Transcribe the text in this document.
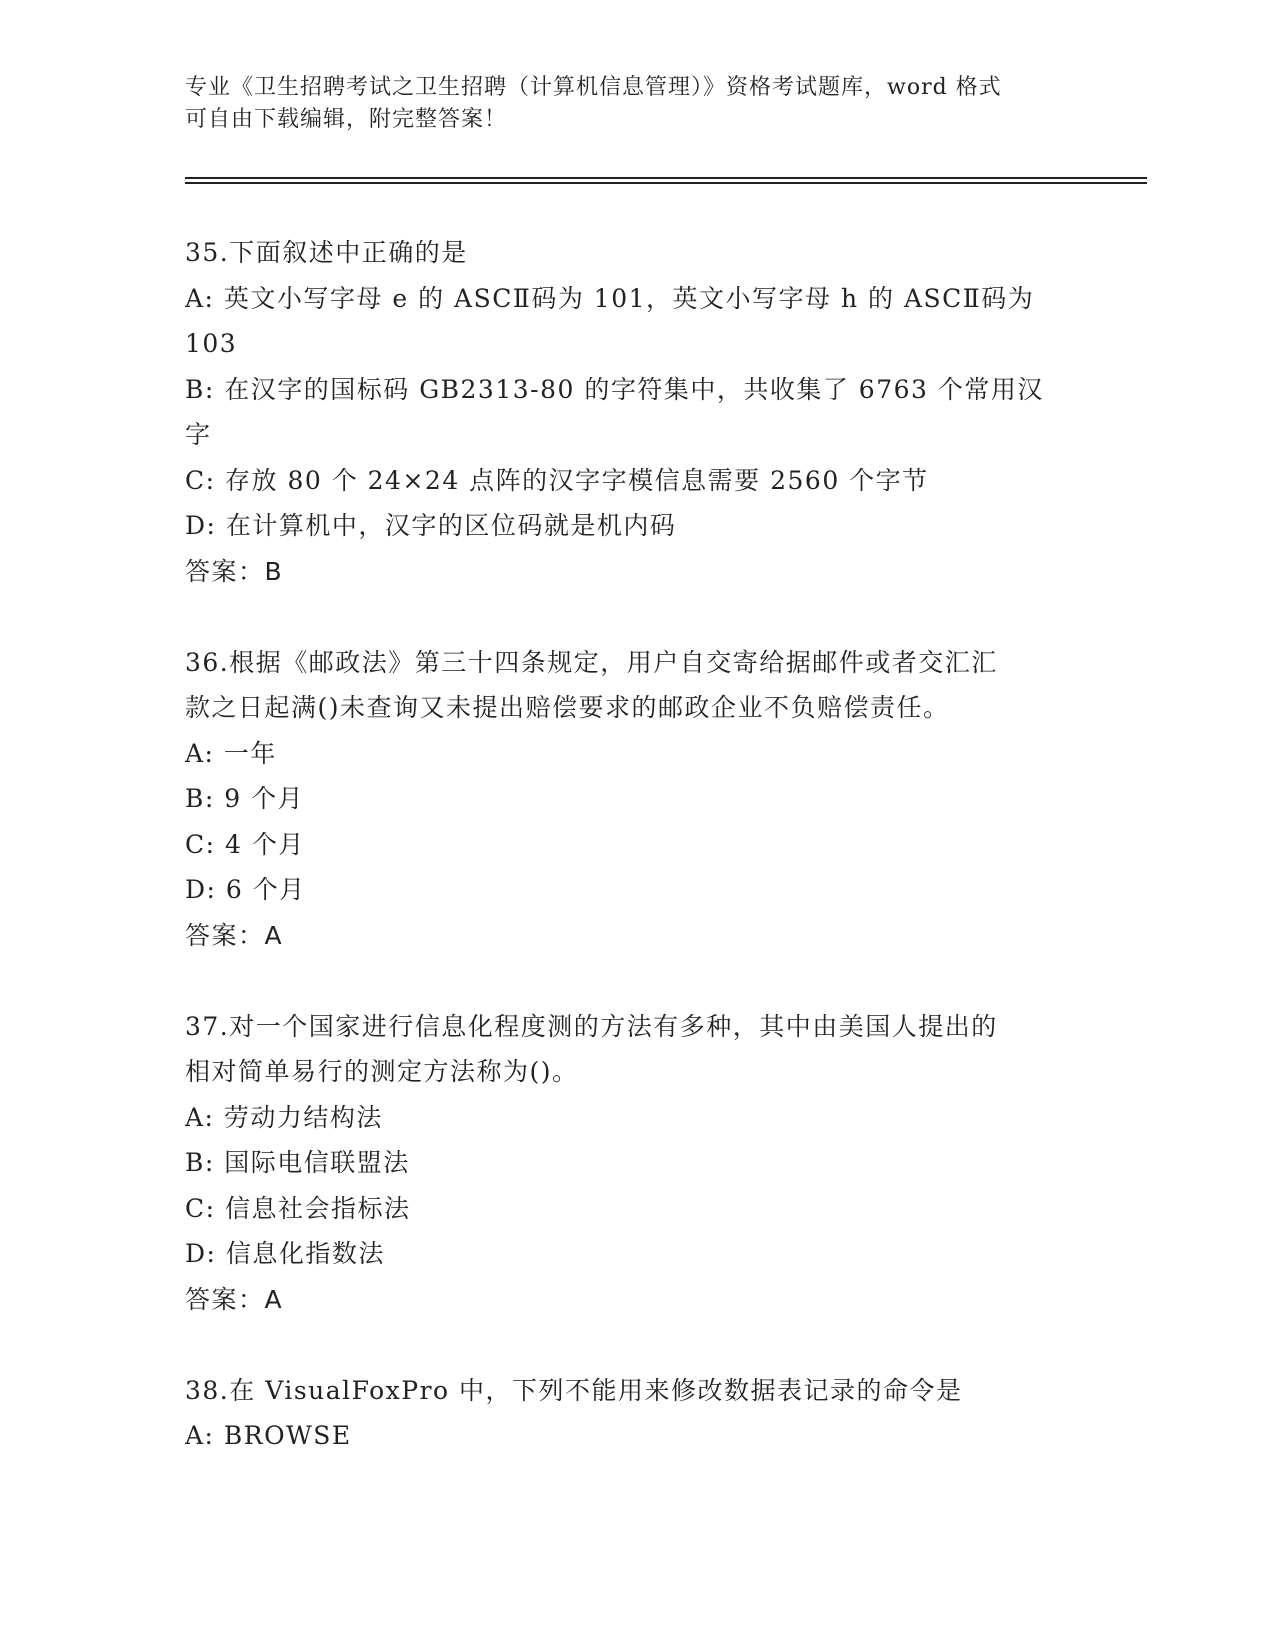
专业《卫生招聘考试之卫生招聘（计算机信息管理）》资格考试题库，word 格式
可自由下载编辑，附完整答案！
35.下面叙述中正确的是
A: 英文小写字母 e 的 ASCⅡ码为 101，英文小写字母 h 的 ASCⅡ码为
103
B: 在汉字的国标码 GB2313-80 的字符集中，共收集了 6763 个常用汉
字
C: 存放 80 个 24×24 点阵的汉字字模信息需要 2560 个字节
D: 在计算机中，汉字的区位码就是机内码
答案：B
36.根据《邮政法》第三十四条规定，用户自交寄给据邮件或者交汇汇
款之日起满()未查询又未提出赔偿要求的邮政企业不负赔偿责任。
A: 一年
B: 9 个月
C: 4 个月
D: 6 个月
答案：A
37.对一个国家进行信息化程度测的方法有多种，其中由美国人提出的
相对简单易行的测定方法称为()。
A: 劳动力结构法
B: 国际电信联盟法
C: 信息社会指标法
D: 信息化指数法
答案：A
38.在 VisualFoxPro 中，下列不能用来修改数据表记录的命令是
A: BROWSE
